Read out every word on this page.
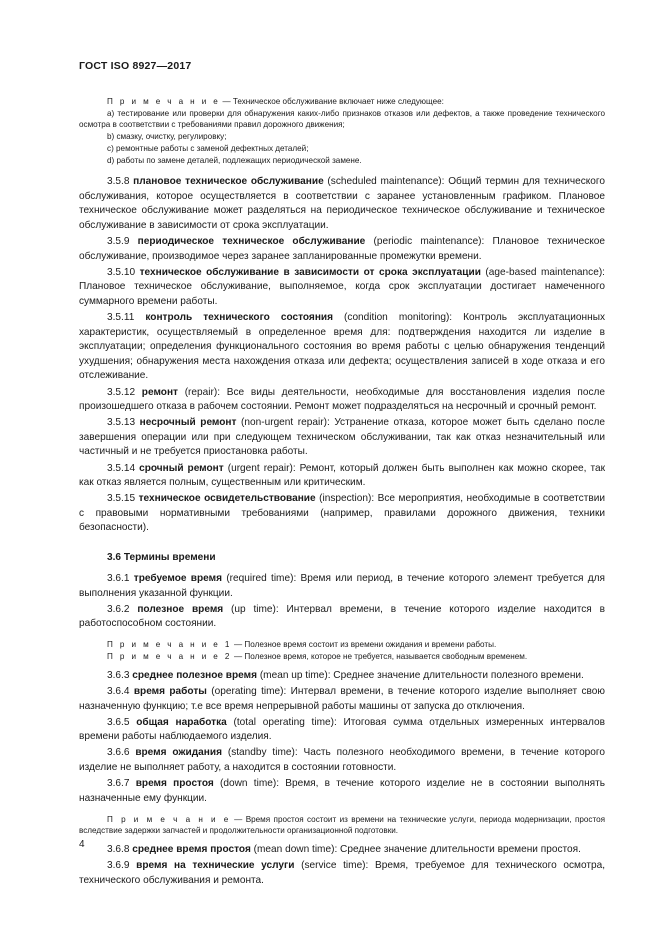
ГОСТ ISO 8927—2017

П р и м е ч а н и е — Техническое обслуживание включает ниже следующее:

а) тестирование или проверки для обнаружения каких-либо признаков отказов или дефектов, а также проведение технического осмотра в соответствии с требованиями правил дорожного движения;

b) смазку, очистку, регулировку;

c) ремонтные работы с заменой дефектных деталей;

d) работы по замене деталей, подлежащих периодической замене.

3.5.8 плановое техническое обслуживание (scheduled maintenance): Общий термин для технического обслуживания, которое осуществляется в соответствии с заранее установленным графиком. Плановое техническое обслуживание может разделяться на периодическое техническое обслуживание и техническое обслуживание в зависимости от срока эксплуатации.

3.5.9 периодическое техническое обслуживание (periodic maintenance): Плановое техническое обслуживание, производимое через заранее запланированные промежутки времени.

3.5.10 техническое обслуживание в зависимости от срока эксплуатации (age-based maintenance): Плановое техническое обслуживание, выполняемое, когда срок эксплуатации достигает намеченного суммарного времени работы.

3.5.11 контроль технического состояния (condition monitoring): Контроль эксплуатационных характеристик, осуществляемый в определенное время для: подтверждения находится ли изделие в эксплуатации; определения функционального состояния во время работы с целью обнаружения тенденций ухудшения; обнаружения места нахождения отказа или дефекта; осуществления записей в ходе отказа и его отслеживание.

3.5.12 ремонт (repair): Все виды деятельности, необходимые для восстановления изделия после произошедшего отказа в рабочем состоянии. Ремонт может подразделяться на несрочный и срочный ремонт.

3.5.13 несрочный ремонт (non-urgent repair): Устранение отказа, которое может быть сделано после завершения операции или при следующем техническом обслуживании, так как отказ незначительный или частичный и не требуется приостановка работы.

3.5.14 срочный ремонт (urgent repair): Ремонт, который должен быть выполнен как можно скорее, так как отказ является полным, существенным или критическим.

3.5.15 техническое освидетельствование (inspection): Все мероприятия, необходимые в соответствии с правовыми нормативными требованиями (например, правилами дорожного движения, техники безопасности).

3.6 Термины времени

3.6.1 требуемое время (required time): Время или период, в течение которого элемент требуется для выполнения указанной функции.

3.6.2 полезное время (up time): Интервал времени, в течение которого изделие находится в работоспособном состоянии.

П р и м е ч а н и е 1 — Полезное время состоит из времени ожидания и времени работы.

П р и м е ч а н и е 2 — Полезное время, которое не требуется, называется свободным временем.

3.6.3 среднее полезное время (mean up time): Среднее значение длительности полезного времени.

3.6.4 время работы (operating time): Интервал времени, в течение которого изделие выполняет свою назначенную функцию; т.е все время непрерывной работы машины от запуска до отключения.

3.6.5 общая наработка (total operating time): Итоговая сумма отдельных измеренных интервалов времени работы наблюдаемого изделия.

3.6.6 время ожидания (standby time): Часть полезного необходимого времени, в течение которого изделие не выполняет работу, а находится в состоянии готовности.

3.6.7 время простоя (down time): Время, в течение которого изделие не в состоянии выполнять назначенные ему функции.

П р и м е ч а н и е — Время простоя состоит из времени на технические услуги, периода модернизации, простоя вследствие задержки запчастей и продолжительности организационной подготовки.

3.6.8 среднее время простоя (mean down time): Среднее значение длительности времени простоя.

3.6.9 время на технические услуги (service time): Время, требуемое для технического осмотра, технического обслуживания и ремонта.

4
